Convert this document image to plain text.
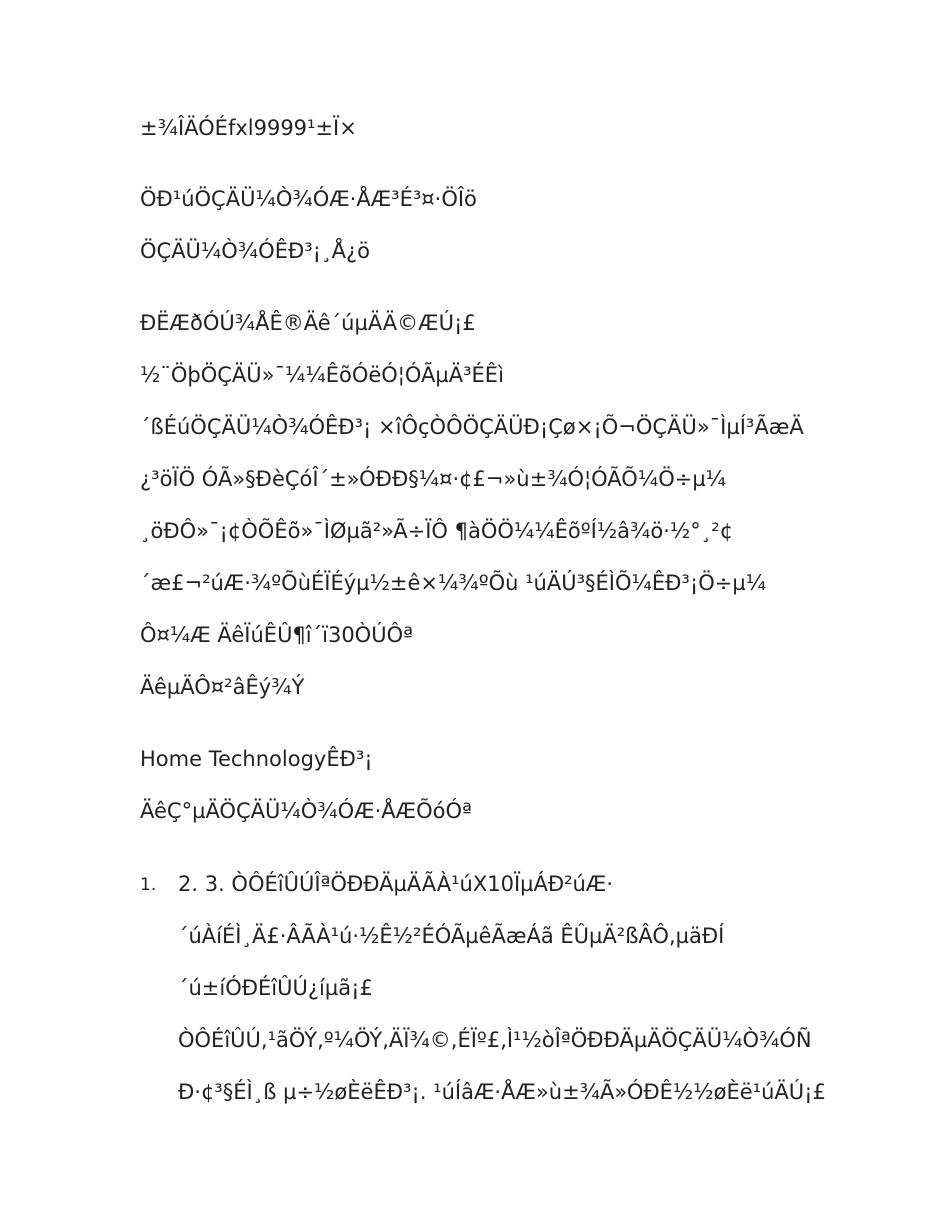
±¾ÎÄÓÉfxl9999¹±Ï×
ÖÐ¹úÖÇÄÜ¼Ò¾ÓÆ·ÅÆ³É³¤·ÖÎö
ÖÇÄÜ¼Ò¾ÓÊÐ³¡¸Å¿ö
ÐËÆðÓÚ¾ÅÊ®Äê´úµÄÄ©ÆÚ¡£
½¨ÖþÖÇÄÜ»¯¼¼ÊõÓëÓ¦ÓÃµÄ³ÉÊì
´ßÉúÖÇÄÜ¼Ò¾ÓÊÐ³¡ ×îÔçÒÔÖÇÄÜÐ¡Çø×¡Õ¬ÖÇÄÜ»¯ÌµÍ³ÃæÄ
¿³öÏÖ ÓÃ»§ÐèÇóÎ´±»ÓÐÐ§¼¤·¢£¬»ù±¾Ó¦ÓÃÕ¼Ö÷µ¼
¸öÐÔ»¯¡¢ÒÕÊõ»¯ÌØµã²»Ã÷ÏÔ ¶àÖÖ¼¼ÊõºÍ½â¾ö·½°¸²¢
´æ£¬²úÆ·¾ºÕùÉÏÉýµ½±ê×¼¾ºÕù ¹úÄÚ³§ÉÌÕ¼ÊÐ³¡Ö÷µ¼
Ô¤¼Æ ÄêÏúÊÛ¶î´ï30ÒÚÔª
ÄêµÄÔ¤²âÊý¾Ý
Home TechnologyÊÐ³¡
ÄêÇ°µÄÖÇÄÜ¼Ò¾ÓÆ·ÅÆÕóÓª
1. 2. 3. ÒÔÉîÛÚÎªÖÐÐÄµÄÃÀ¹úX10ÏµÁÐ²úÆ·
´úÀíÉÌ¸Ä£·ÂÃÀ¹ú·½Ê½²ÉÓÃµêÃæÁã ÊÛµÄ²ßÂÔ,µäÐÍ
´ú±íÓÐÉîÛÚ¿íµã¡£
ÒÔÉîÛÚ,¹ãÖÝ,º¼ÖÝ,ÄÏ¾©,ÉÏº£,Ì¹½òÎªÖÐÐÄµÄÖÇÄÜ¼Ò¾ÓÑ
Ð·¢³§ÉÌ¸ß µ÷½øÈëÊÐ³¡. ¹úÍâÆ·ÅÆ»ù±¾Ã»ÓÐÊ½½øÈë¹úÄÚ¡£
